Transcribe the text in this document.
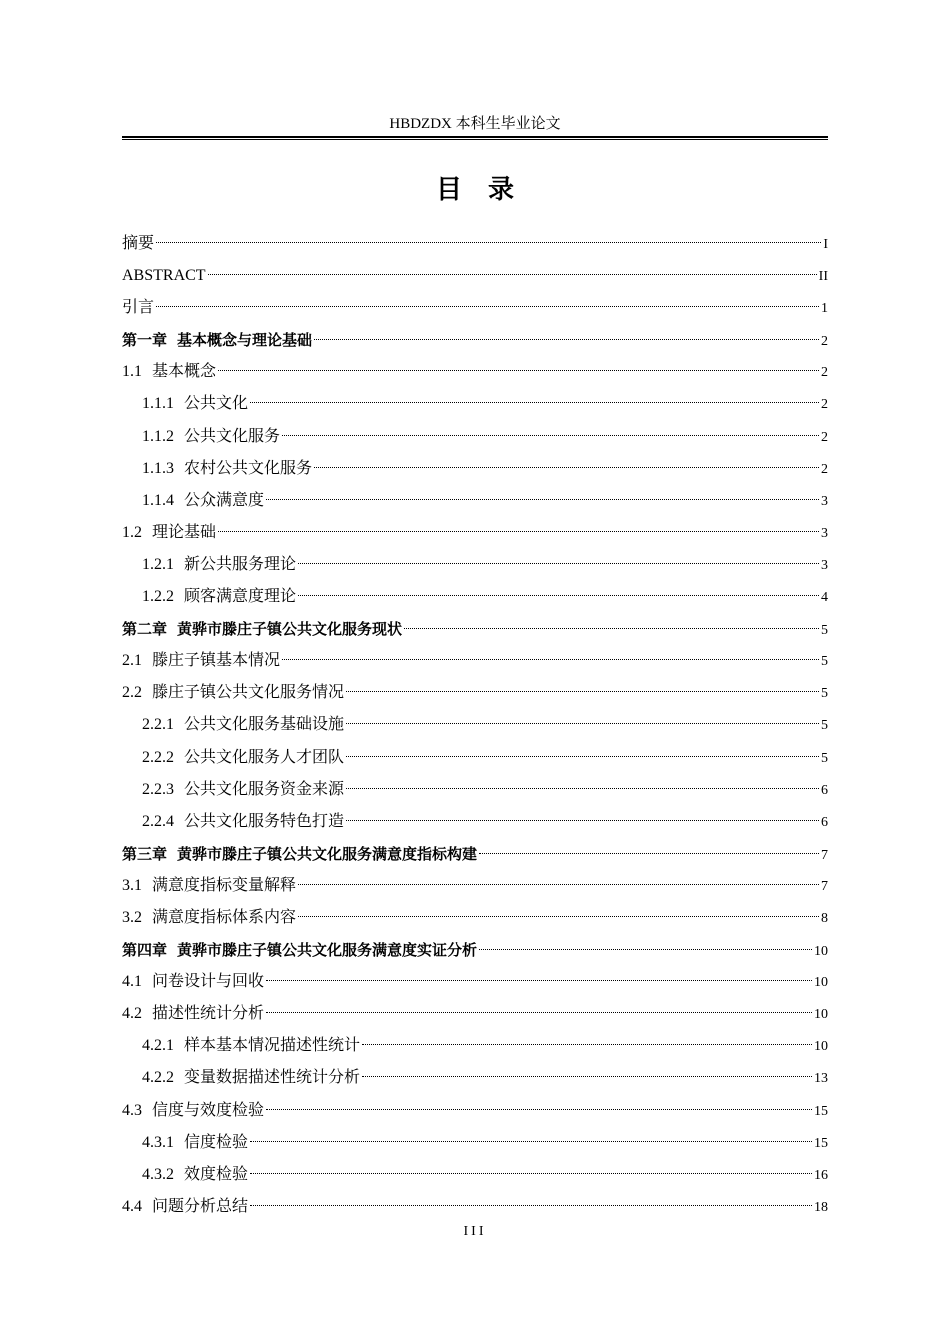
HBDZDX 本科生毕业论文
目　录
摘要	I
ABSTRACT	II
引言	1
第一章 基本概念与理论基础	2
1.1 基本概念	2
1.1.1 公共文化	2
1.1.2 公共文化服务	2
1.1.3 农村公共文化服务	2
1.1.4 公众满意度	3
1.2 理论基础	3
1.2.1 新公共服务理论	3
1.2.2 顾客满意度理论	4
第二章 黄骅市滕庄子镇公共文化服务现状	5
2.1 滕庄子镇基本情况	5
2.2 滕庄子镇公共文化服务情况	5
2.2.1 公共文化服务基础设施	5
2.2.2 公共文化服务人才团队	5
2.2.3 公共文化服务资金来源	6
2.2.4 公共文化服务特色打造	6
第三章 黄骅市滕庄子镇公共文化服务满意度指标构建	7
3.1 满意度指标变量解释	7
3.2 满意度指标体系内容	8
第四章 黄骅市滕庄子镇公共文化服务满意度实证分析	10
4.1 问卷设计与回收	10
4.2 描述性统计分析	10
4.2.1 样本基本情况描述性统计	10
4.2.2 变量数据描述性统计分析	13
4.3 信度与效度检验	15
4.3.1 信度检验	15
4.3.2 效度检验	16
4.4 问题分析总结	18
III
